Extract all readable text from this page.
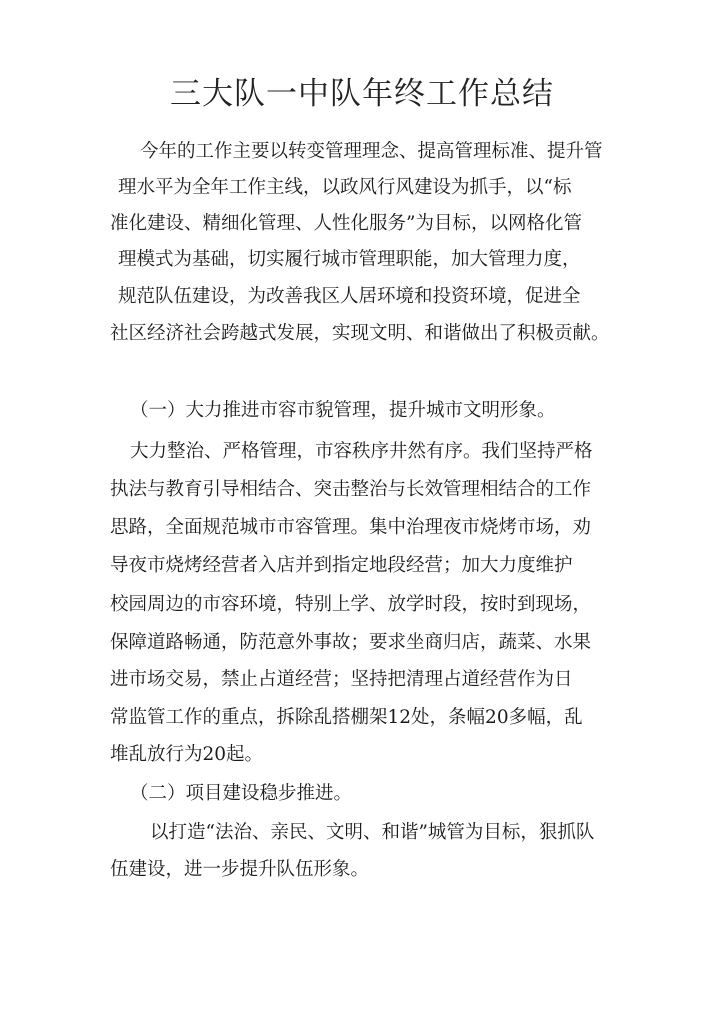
三大队一中队年终工作总结
今年的工作主要以转变管理理念、提高管理标准、提升管
理水平为全年工作主线，以政风行风建设为抓手，以“标
准化建设、精细化管理、人性化服务”为目标，以网格化管
理模式为基础，切实履行城市管理职能，加大管理力度，
规范队伍建设，为改善我区人居环境和投资环境，促进全
社区经济社会跨越式发展，实现文明、和谐做出了积极贡献。
（一）大力推进市容市貌管理，提升城市文明形象。
大力整治、严格管理，市容秩序井然有序。我们坚持严格
执法与教育引导相结合、突击整治与长效管理相结合的工作
思路，全面规范城市市容管理。集中治理夜市烧烤市场，劝
导夜市烧烤经营者入店并到指定地段经营；加大力度维护
校园周边的市容环境，特别上学、放学时段，按时到现场，
保障道路畅通，防范意外事故；要求坐商归店，蔬菜、水果
进市场交易，禁止占道经营；坚持把清理占道经营作为日
常监管工作的重点，拆除乱搭棚架12处，条幅20多幅，乱
堆乱放行为20起。
（二）项目建设稳步推进。
以打造“法治、亲民、文明、和谐”城管为目标，狠抓队
伍建设，进一步提升队伍形象。
